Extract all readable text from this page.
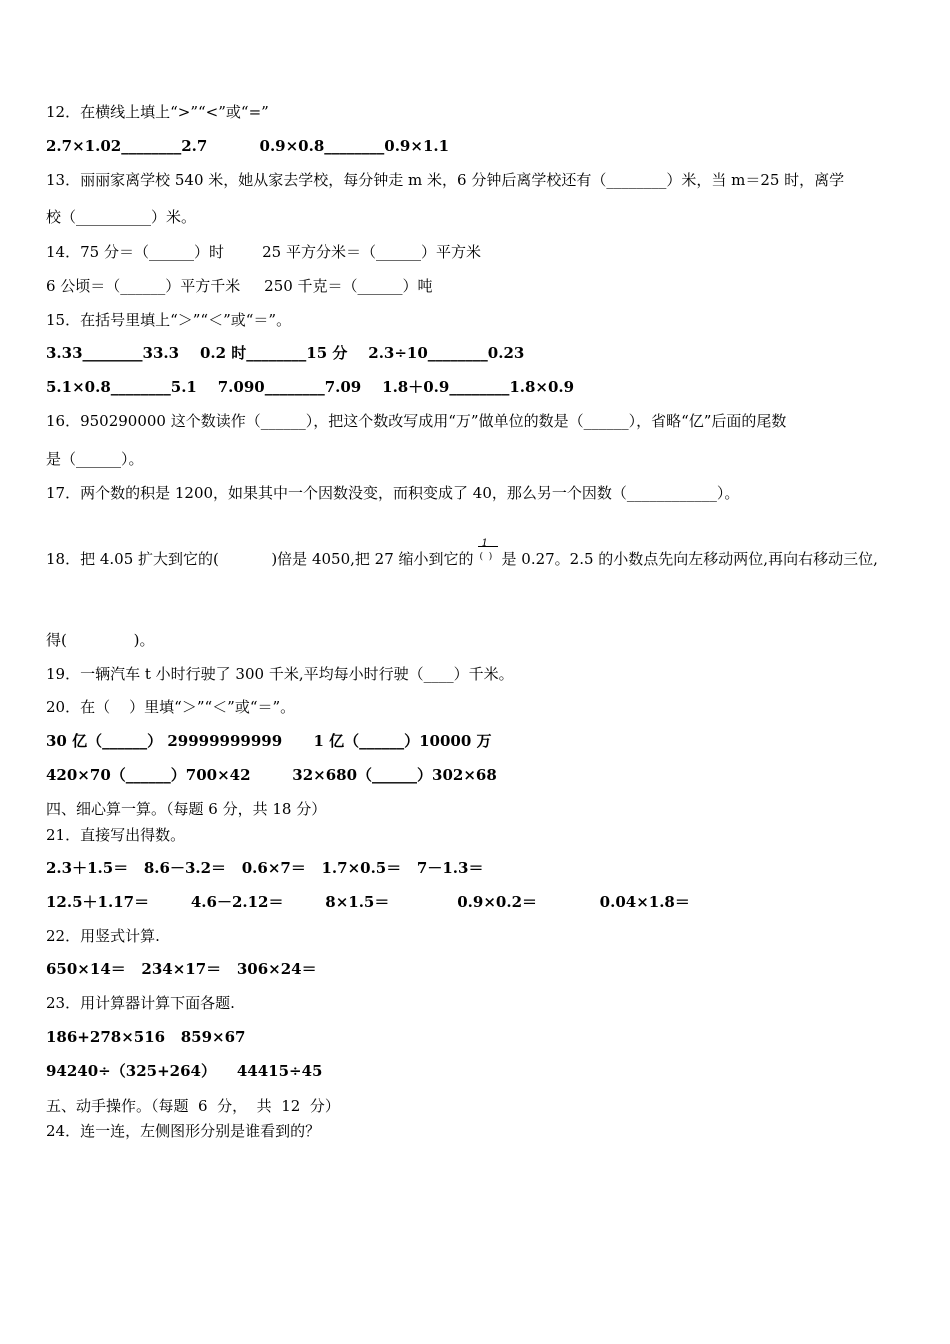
12．在横线上填上“>”“<”或“=”
2.7×1.02________2.7          0.9×0.8________0.9×1.1
13．丽丽家离学校 540 米，她从家去学校，每分钟走 m 米，6 分钟后离学校还有（________）米，当 m＝25 时，离学
校（__________）米。
14．75 分＝（______）时        25 平方分米＝（______）平方米
6 公顷＝（______）平方千米     250 千克＝（______）吨
15．在括号里填上“＞”“＜”或“＝”。
3.33________33.3    0.2 时________15 分    2.3÷10________0.23
5.1×0.8________5.1    7.090________7.09    1.8＋0.9________1.8×0.9
16．950290000 这个数读作（______），把这个数改写成用“万”做单位的数是（______），省略“亿”后面的尾数
是（______）。
17．两个数的积是 1200，如果其中一个因数没变，而积变成了 40，那么另一个因数（____________）。
18．把 4.05 扩大到它的(           )倍是 4050,把 27 缩小到它的
1
(  ) 是 0.27。2.5 的小数点先向左移动两位,再向右移动三位,
得(              )。
19．一辆汽车 t 小时行驶了 300 千米,平均每小时行驶（____）千米。
20．在（    ）里填“＞”“＜”或“＝”。
30 亿（______） 29999999999      1 亿（______）10000 万
420×70（______）700×42        32×680（______）302×68
四、细心算一算。（每题 6 分，共 18 分）
21．直接写出得数。
2.3＋1.5＝   8.6－3.2＝   0.6×7＝   1.7×0.5＝   7－1.3＝
12.5＋1.17＝        4.6－2.12＝        8×1.5＝             0.9×0.2＝            0.04×1.8＝
22．用竖式计算.
650×14＝   234×17＝   306×24＝
23．用计算器计算下面各题.
186+278×516   859×67
94240÷（325+264）    44415÷45
五、动手操作。（每题  6  分，  共  12  分）
24．连一连，左侧图形分别是谁看到的？
